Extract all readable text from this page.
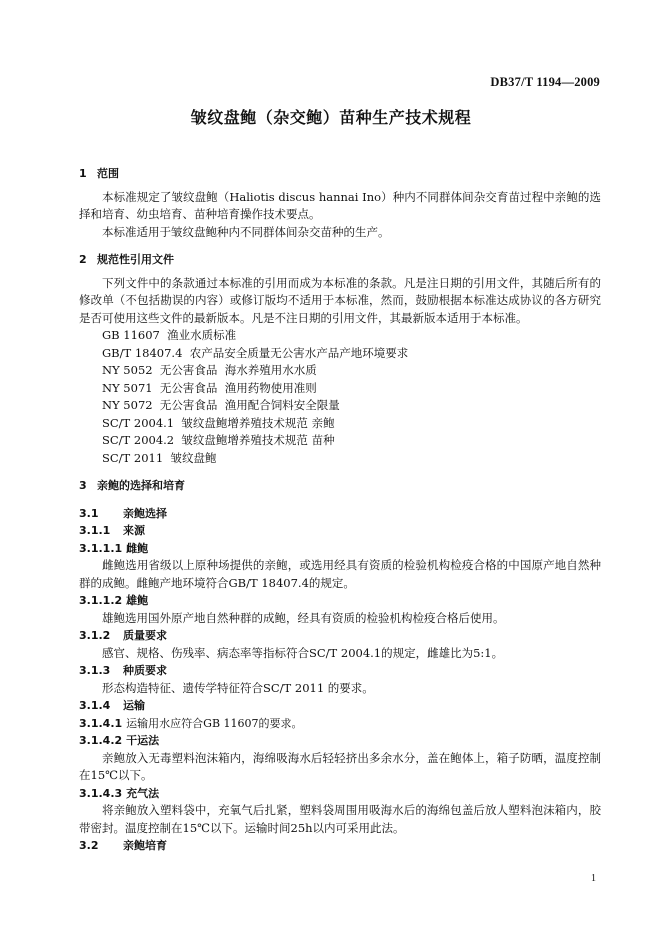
DB37/T 1194—2009
皱纹盘鲍（杂交鲍）苗种生产技术规程

1 范围

本标准规定了皱纹盘鲍（Haliotis discus hannai Ino）种内不同群体间杂交育苗过程中亲鲍的选择和培育、幼虫培育、苗种培育操作技术要点。

本标准适用于皱纹盘鲍种内不同群体间杂交苗种的生产。

2 规范性引用文件

下列文件中的条款通过本标准的引用而成为本标准的条款。凡是注日期的引用文件，其随后所有的修改单（不包括勘误的内容）或修订版均不适用于本标准，然而，鼓励根据本标准达成协议的各方研究是否可使用这些文件的最新版本。凡是不注日期的引用文件，其最新版本适用于本标准。

GB 11607  渔业水质标准

GB/T 18407.4  农产品安全质量无公害水产品产地环境要求

NY 5052  无公害食品  海水养殖用水水质

NY 5071  无公害食品  渔用药物使用准则

NY 5072  无公害食品  渔用配合饲料安全限量

SC/T 2004.1  皱纹盘鲍增养殖技术规范 亲鲍

SC/T 2004.2  皱纹盘鲍增养殖技术规范 苗种

SC/T 2011  皱纹盘鲍

3 亲鲍的选择和培育

3.1 亲鲍选择

3.1.1 来源

3.1.1.1 雌鲍

雌鲍选用省级以上原种场提供的亲鲍，或选用经具有资质的检验机构检疫合格的中国原产地自然种群的成鲍。雌鲍产地环境符合GB/T 18407.4的规定。

3.1.1.2 雄鲍

雄鲍选用国外原产地自然种群的成鲍，经具有资质的检验机构检疫合格后使用。

3.1.2 质量要求

感官、规格、伤残率、病态率等指标符合SC/T 2004.1的规定，雌雄比为5:1。

3.1.3 种质要求

形态构造特征、遗传学特征符合SC/T 2011 的要求。

3.1.4 运输

3.1.4.1 运输用水应符合GB 11607的要求。

3.1.4.2 干运法

亲鲍放入无毒塑料泡沫箱内，海绵吸海水后轻轻挤出多余水分，盖在鲍体上，箱子防晒，温度控制在15℃以下。

3.1.4.3 充气法

将亲鲍放入塑料袋中，充氧气后扎紧，塑料袋周围用吸海水后的海绵包盖后放人塑料泡沫箱内，胶带密封。温度控制在15℃以下。运输时间25h以内可采用此法。

3.2 亲鲍培育

1
